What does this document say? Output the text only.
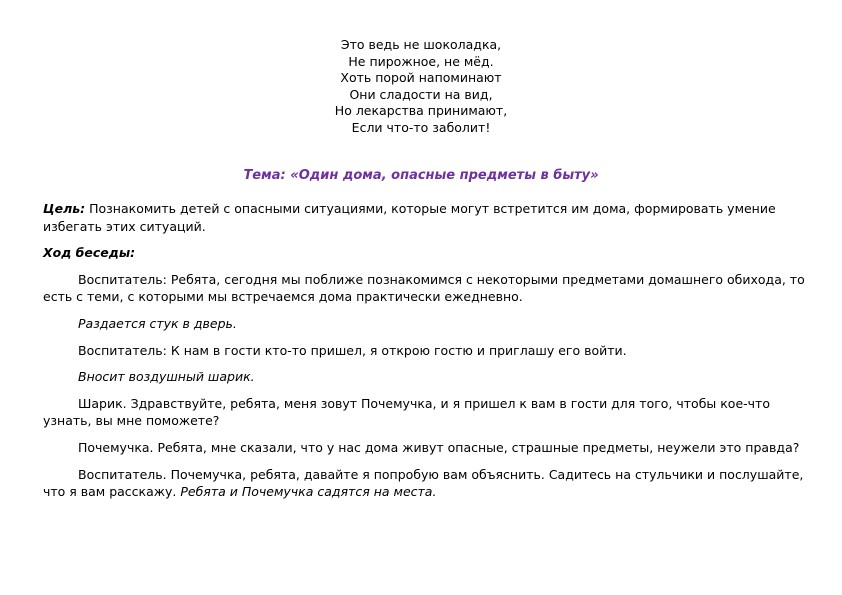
Это ведь не шоколадка,
Не пирожное, не мёд.
Хоть порой напоминают
Они сладости на вид,
Но лекарства принимают,
Если что-то заболит!
Тема: «Один дома, опасные предметы в быту»

Цель: Познакомить детей с опасными ситуациями, которые могут встретится им дома, формировать умение избегать этих ситуаций.

Ход беседы:

Воспитатель: Ребята, сегодня мы поближе познакомимся с некоторыми предметами домашнего обихода, то есть с теми, с которыми мы встречаемся дома практически ежедневно.

Раздается стук в дверь.

Воспитатель: К нам в гости кто-то пришел, я открою гостю и приглашу его войти.

Вносит воздушный шарик.

Шарик. Здравствуйте, ребята, меня зовут Почемучка, и я пришел к вам в гости для того, чтобы кое-что узнать, вы мне поможете?

Почемучка. Ребята, мне сказали, что у нас дома живут опасные, страшные предметы, неужели это правда?

Воспитатель. Почемучка, ребята, давайте я попробую вам объяснить. Садитесь на стульчики и послушайте, что я вам расскажу. Ребята и Почемучка садятся на места.
